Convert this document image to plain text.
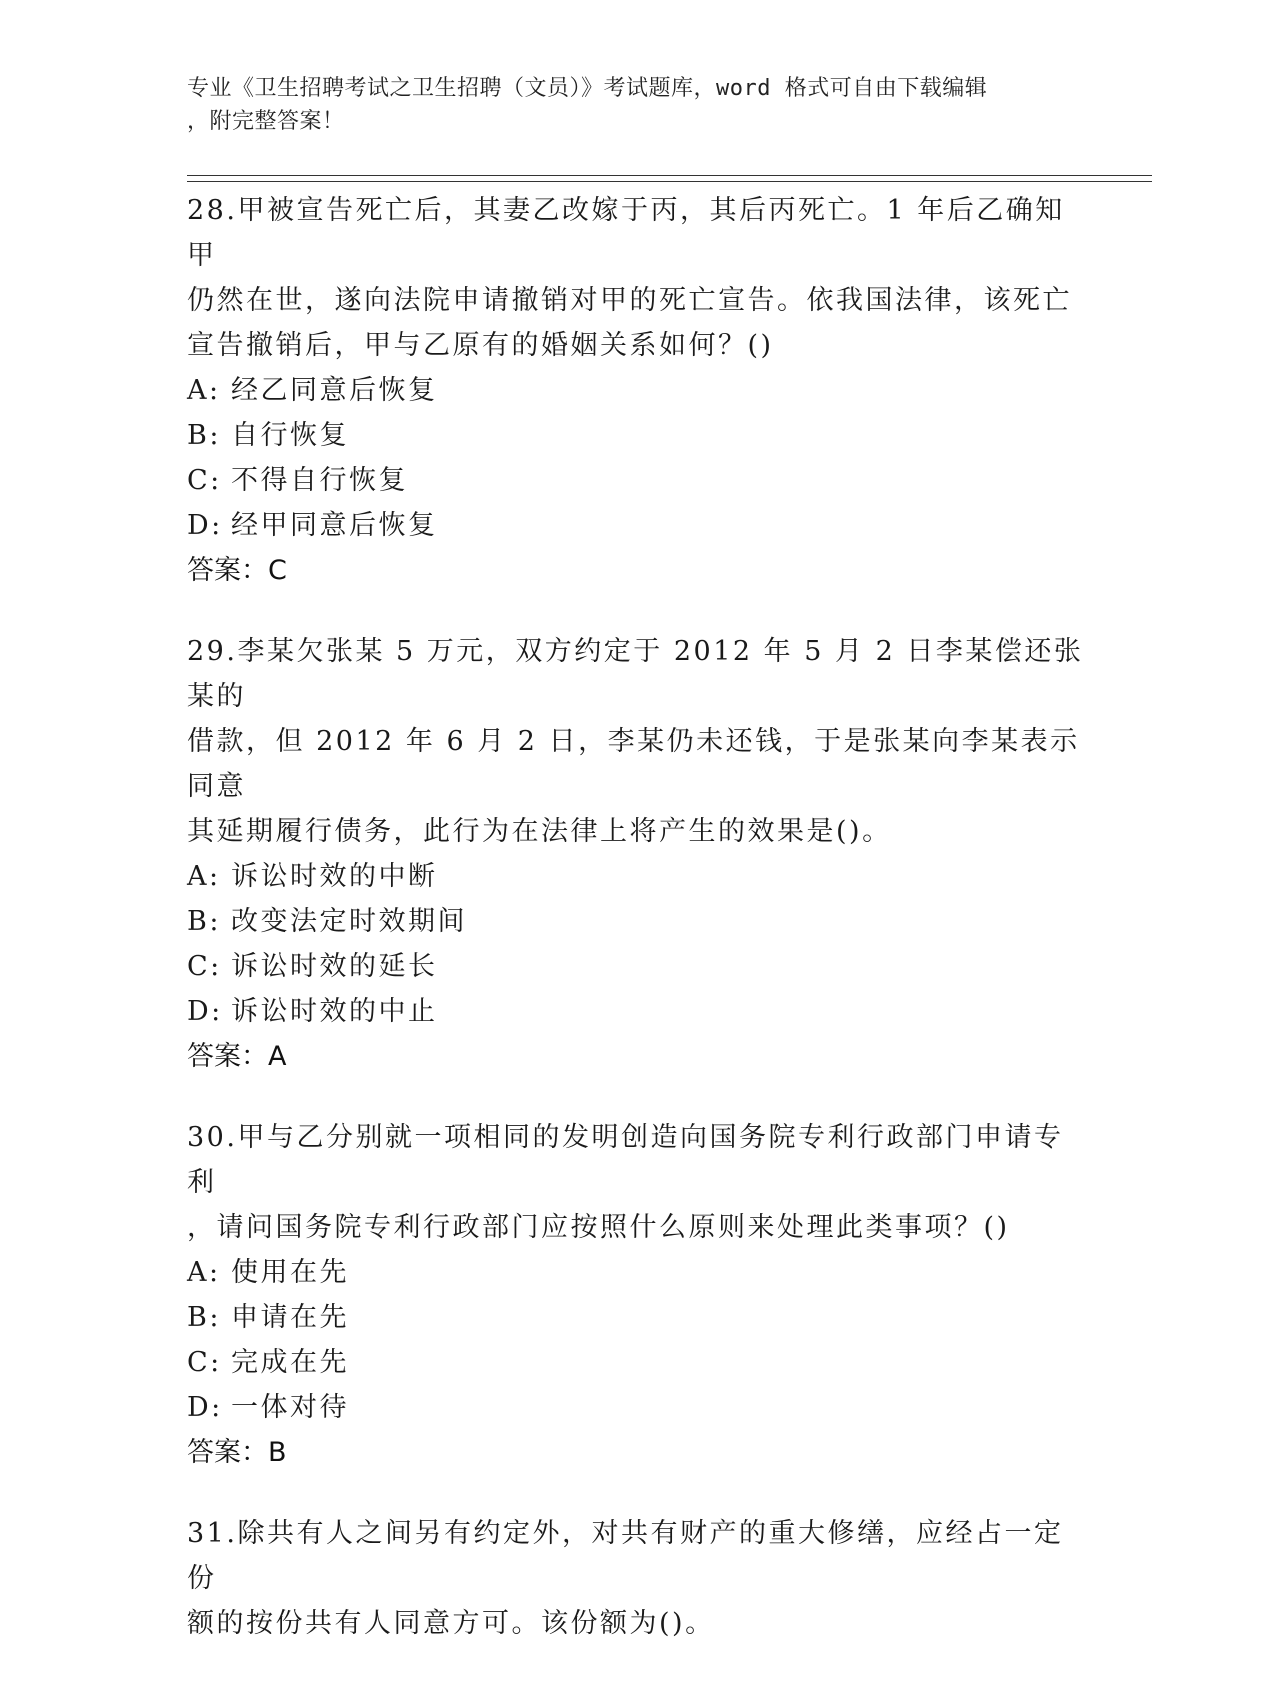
专业《卫生招聘考试之卫生招聘（文员）》考试题库，word 格式可自由下载编辑
，附完整答案！
28.甲被宣告死亡后，其妻乙改嫁于丙，其后丙死亡。1 年后乙确知甲
仍然在世，遂向法院申请撤销对甲的死亡宣告。依我国法律，该死亡
宣告撤销后，甲与乙原有的婚姻关系如何？()
A: 经乙同意后恢复
B: 自行恢复
C: 不得自行恢复
D: 经甲同意后恢复
答案：C
29.李某欠张某 5 万元，双方约定于 2012 年 5 月 2 日李某偿还张某的
借款，但 2012 年 6 月 2 日，李某仍未还钱，于是张某向李某表示同意
其延期履行债务，此行为在法律上将产生的效果是()。
A: 诉讼时效的中断
B: 改变法定时效期间
C: 诉讼时效的延长
D: 诉讼时效的中止
答案：A
30.甲与乙分别就一项相同的发明创造向国务院专利行政部门申请专利
，请问国务院专利行政部门应按照什么原则来处理此类事项？()
A: 使用在先
B: 申请在先
C: 完成在先
D: 一体对待
答案：B
31.除共有人之间另有约定外，对共有财产的重大修缮，应经占一定份
额的按份共有人同意方可。该份额为()。
